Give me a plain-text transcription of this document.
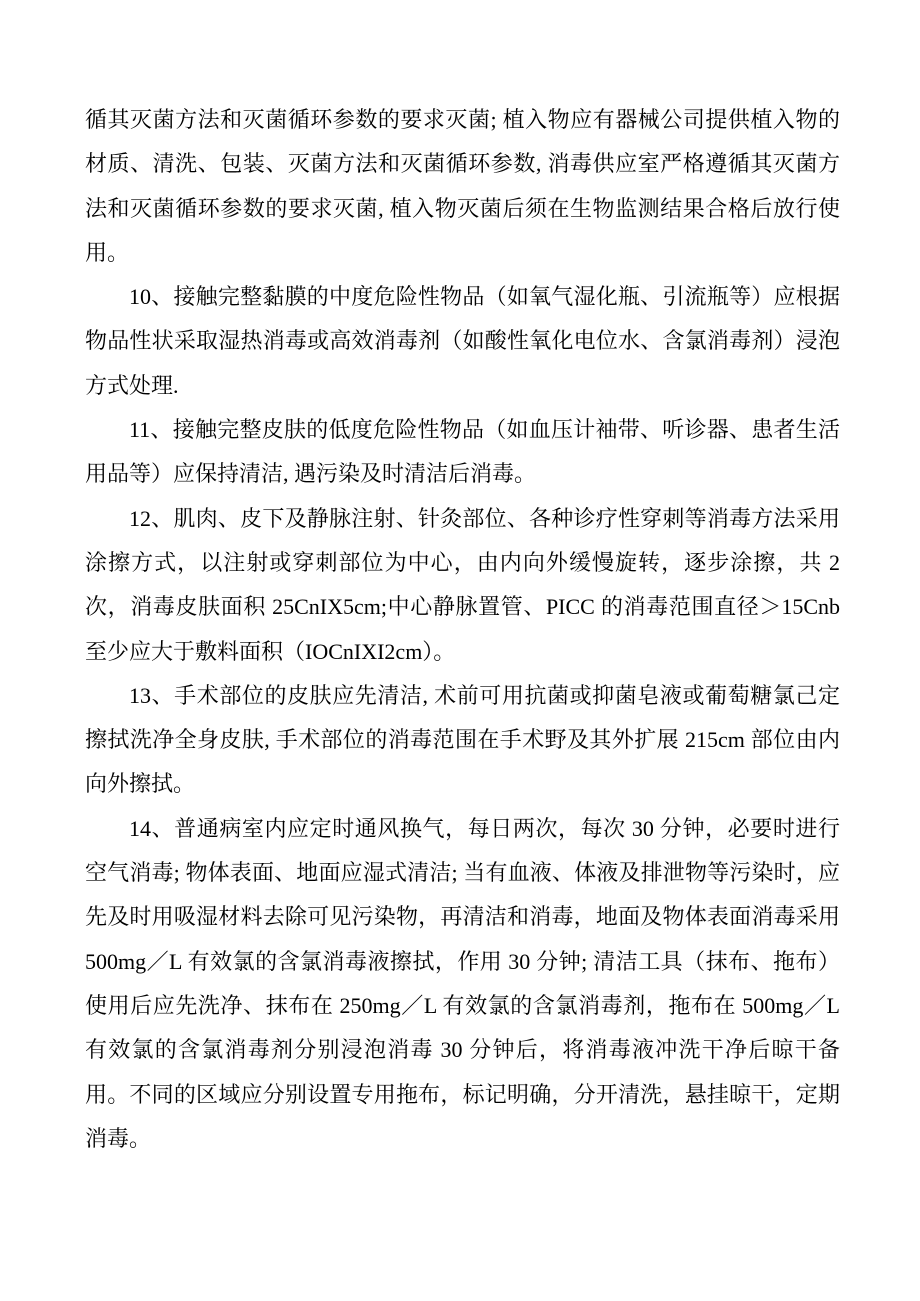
循其灭菌方法和灭菌循环参数的要求灭菌; 植入物应有器械公司提供植入物的材质、清洗、包装、灭菌方法和灭菌循环参数, 消毒供应室严格遵循其灭菌方法和灭菌循环参数的要求灭菌, 植入物灭菌后须在生物监测结果合格后放行使用。

10、接触完整黏膜的中度危险性物品（如氧气湿化瓶、引流瓶等）应根据物品性状采取湿热消毒或高效消毒剂（如酸性氧化电位水、含氯消毒剂）浸泡方式处理.

11、接触完整皮肤的低度危险性物品（如血压计袖带、听诊器、患者生活用品等）应保持清洁, 遇污染及时清洁后消毒。

12、肌肉、皮下及静脉注射、针灸部位、各种诊疗性穿刺等消毒方法采用涂擦方式，以注射或穿刺部位为中心，由内向外缓慢旋转，逐步涂擦，共 2 次，消毒皮肤面积 25CnIX5cm;中心静脉置管、PICC 的消毒范围直径＞15Cnb 至少应大于敷料面积（IOCnIXI2cm）。

13、手术部位的皮肤应先清洁, 术前可用抗菌或抑菌皂液或葡萄糖氯己定擦拭洗净全身皮肤, 手术部位的消毒范围在手术野及其外扩展 215cm 部位由内向外擦拭。

14、普通病室内应定时通风换气，每日两次，每次 30 分钟，必要时进行空气消毒; 物体表面、地面应湿式清洁; 当有血液、体液及排泄物等污染时，应先及时用吸湿材料去除可见污染物，再清洁和消毒，地面及物体表面消毒采用 500mg／L 有效氯的含氯消毒液擦拭，作用 30 分钟; 清洁工具（抹布、拖布）使用后应先洗净、抹布在 250mg／L 有效氯的含氯消毒剂，拖布在 500mg／L 有效氯的含氯消毒剂分别浸泡消毒 30 分钟后，将消毒液冲洗干净后晾干备用。不同的区域应分别设置专用拖布，标记明确，分开清洗，悬挂晾干，定期消毒。
